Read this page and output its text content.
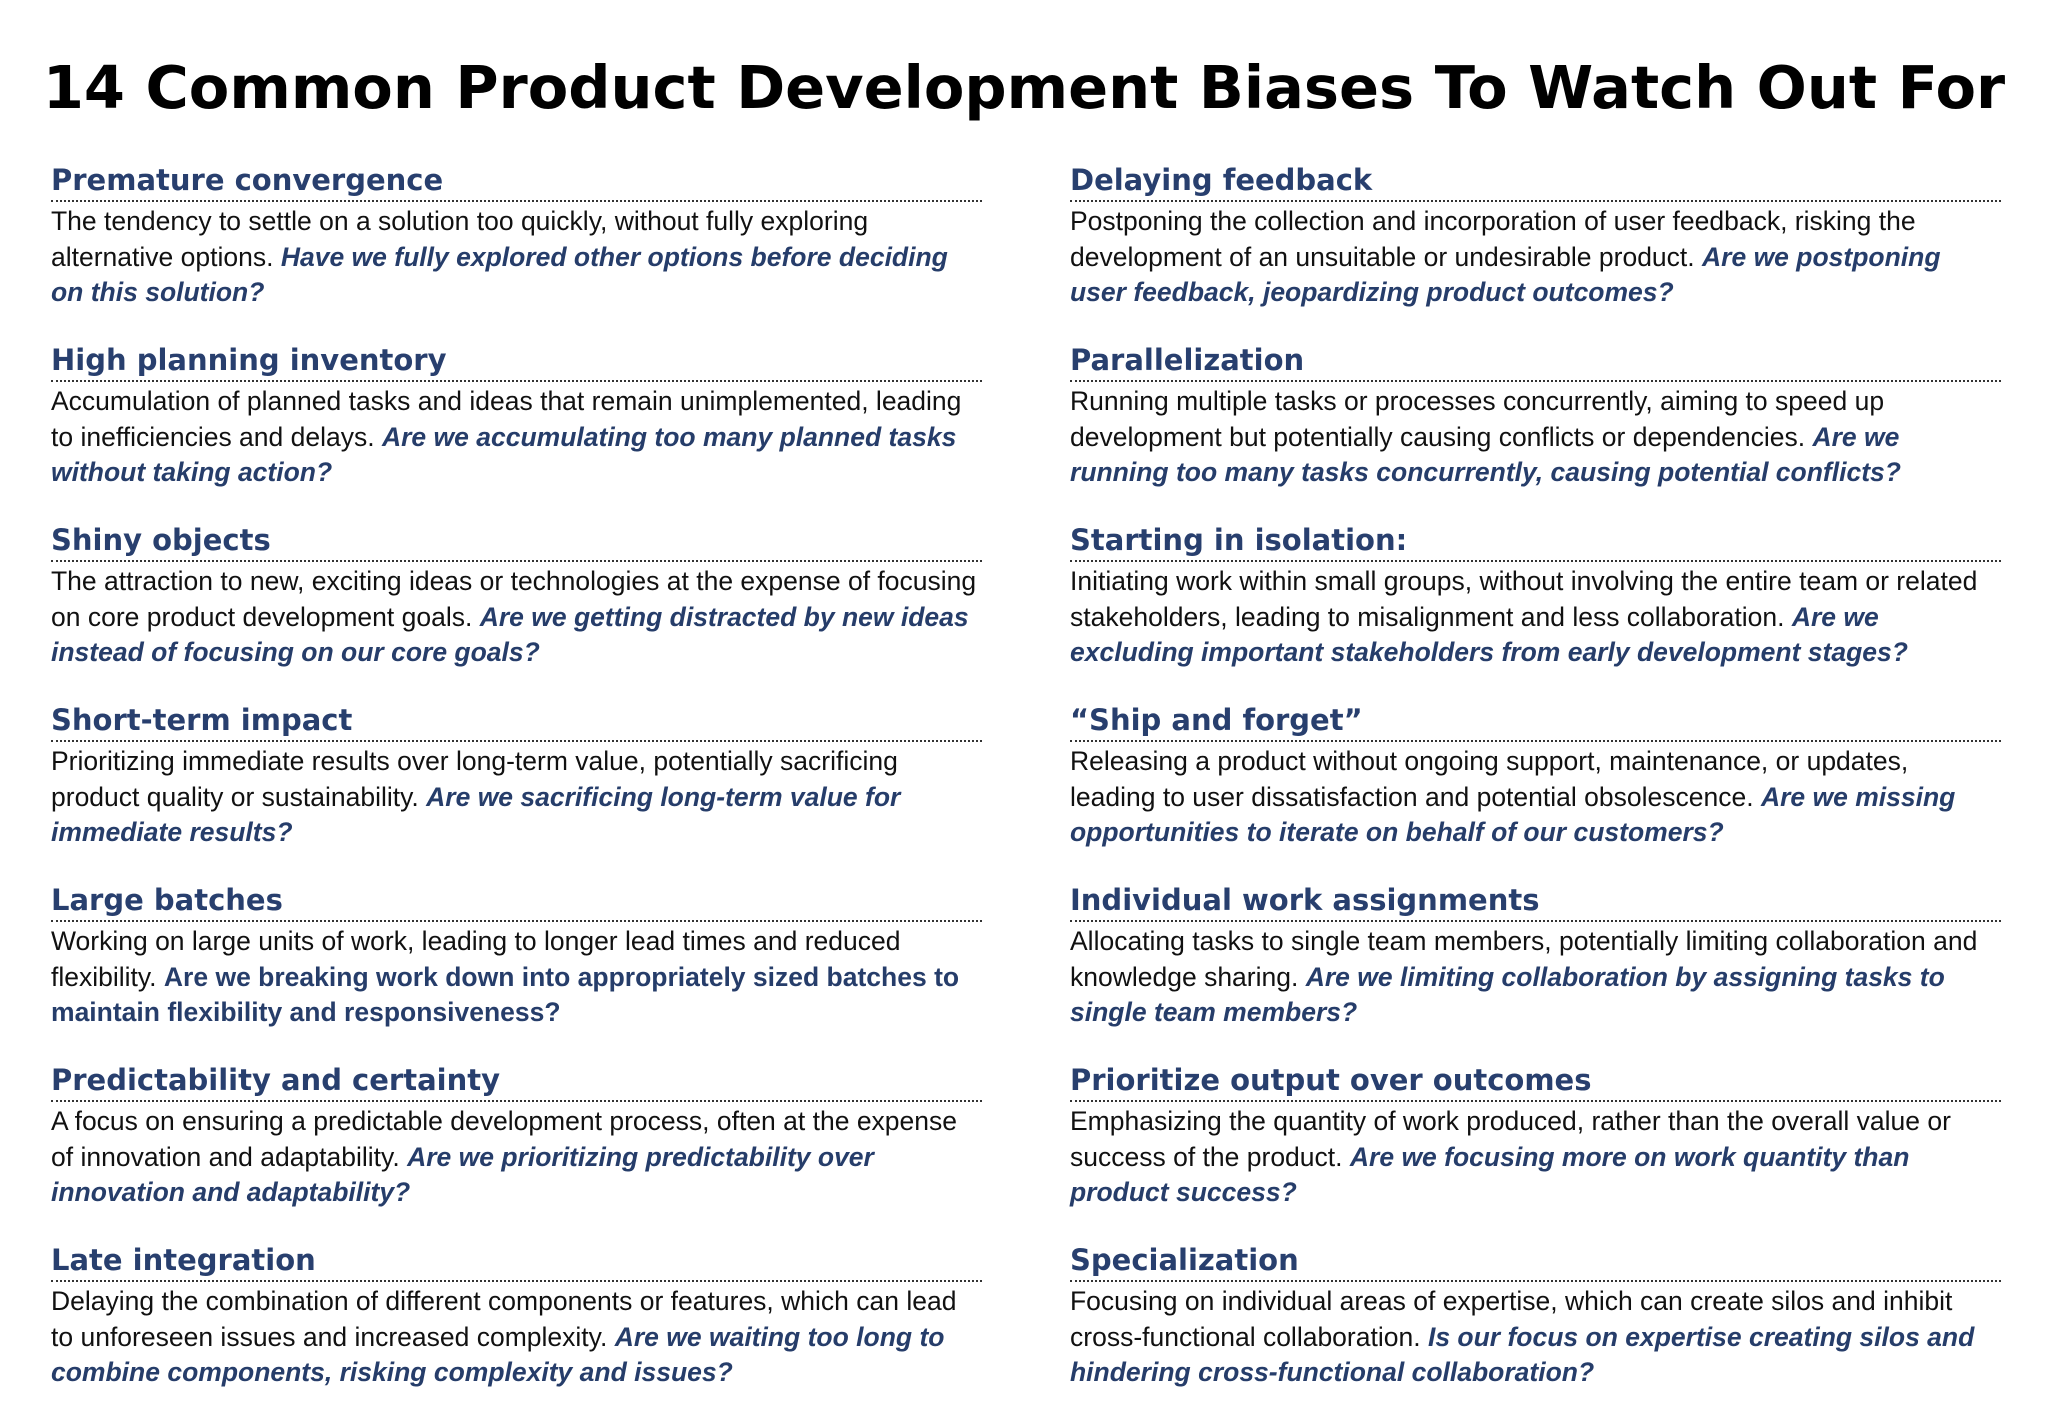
14 Common Product Development Biases To Watch Out For
Premature convergence

The tendency to settle on a solution too quickly, without fully exploring alternative options. Have we fully explored other options before deciding on this solution?

High planning inventory

Accumulation of planned tasks and ideas that remain unimplemented, leading to inefficiencies and delays. Are we accumulating too many planned tasks without taking action?

Shiny objects

The attraction to new, exciting ideas or technologies at the expense of focusing on core product development goals. Are we getting distracted by new ideas instead of focusing on our core goals?

Short-term impact

Prioritizing immediate results over long-term value, potentially sacrificing product quality or sustainability. Are we sacrificing long-term value for immediate results?

Large batches

Working on large units of work, leading to longer lead times and reduced flexibility. Are we breaking work down into appropriately sized batches to maintain flexibility and responsiveness?

Predictability and certainty

A focus on ensuring a predictable development process, often at the expense of innovation and adaptability. Are we prioritizing predictability over innovation and adaptability?

Late integration

Delaying the combination of different components or features, which can lead to unforeseen issues and increased complexity. Are we waiting too long to combine components, risking complexity and issues?

Delaying feedback

Postponing the collection and incorporation of user feedback, risking the development of an unsuitable or undesirable product. Are we postponing user feedback, jeopardizing product outcomes?

Parallelization

Running multiple tasks or processes concurrently, aiming to speed up development but potentially causing conflicts or dependencies. Are we running too many tasks concurrently, causing potential conflicts?

Starting in isolation:

Initiating work within small groups, without involving the entire team or related stakeholders, leading to misalignment and less collaboration. Are we excluding important stakeholders from early development stages?

“Ship and forget”

Releasing a product without ongoing support, maintenance, or updates, leading to user dissatisfaction and potential obsolescence. Are we missing opportunities to iterate on behalf of our customers?

Individual work assignments

Allocating tasks to single team members, potentially limiting collaboration and knowledge sharing. Are we limiting collaboration by assigning tasks to single team members?

Prioritize output over outcomes

Emphasizing the quantity of work produced, rather than the overall value or success of the product. Are we focusing more on work quantity than product success?

Specialization

Focusing on individual areas of expertise, which can create silos and inhibit cross-functional collaboration. Is our focus on expertise creating silos and hindering cross-functional collaboration?
